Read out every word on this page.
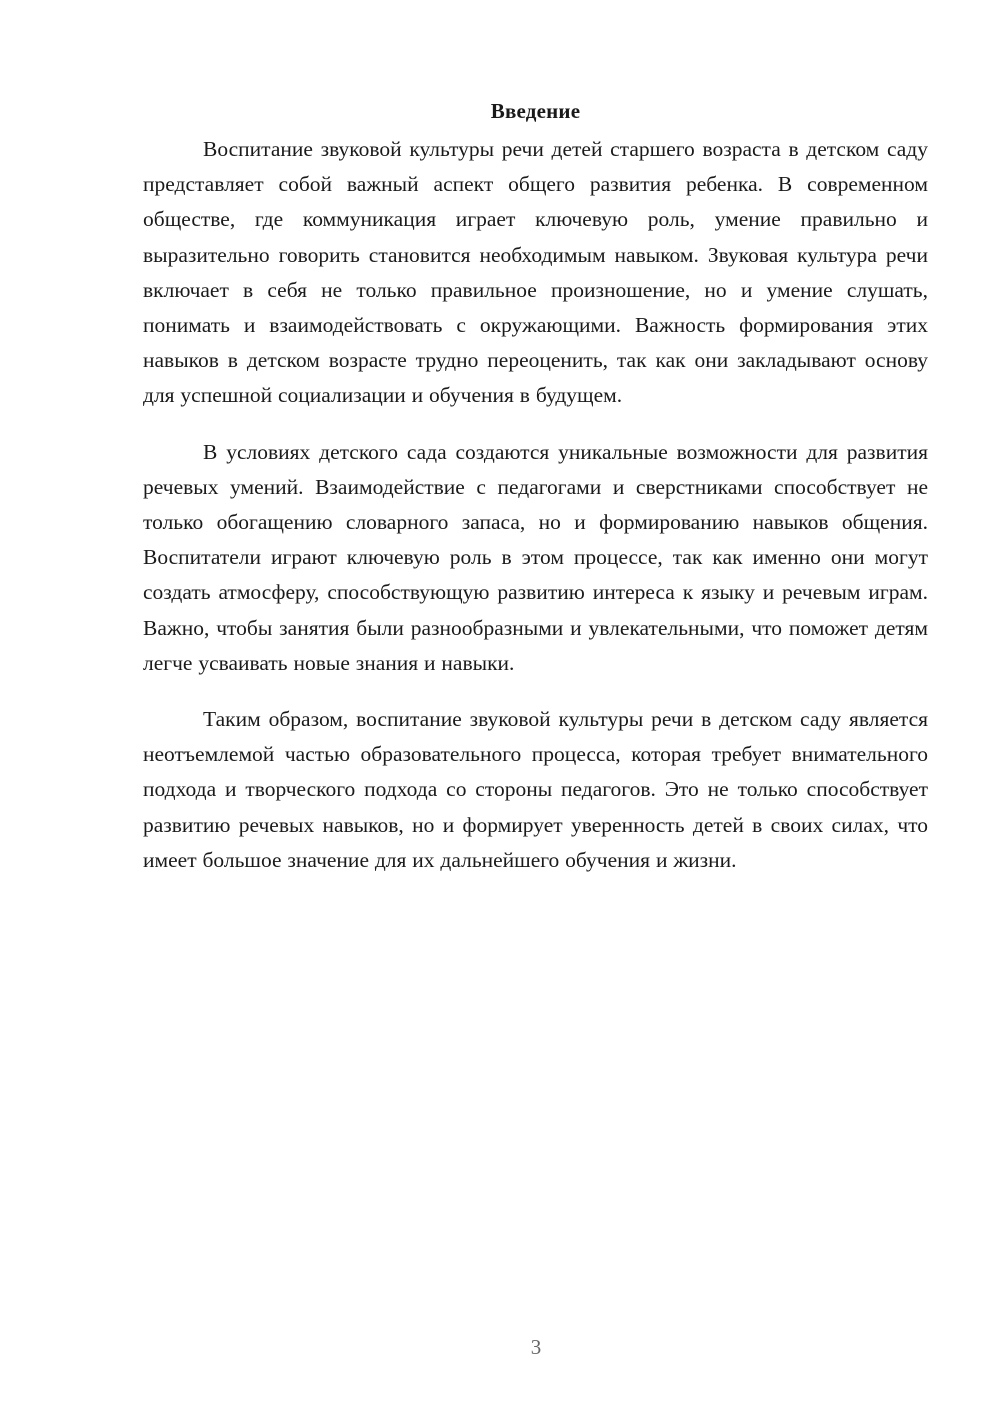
Введение

Воспитание звуковой культуры речи детей старшего возраста в детском саду представляет собой важный аспект общего развития ребенка. В современном обществе, где коммуникация играет ключевую роль, умение правильно и выразительно говорить становится необходимым навыком. Звуковая культура речи включает в себя не только правильное произношение, но и умение слушать, понимать и взаимодействовать с окружающими. Важность формирования этих навыков в детском возрасте трудно переоценить, так как они закладывают основу для успешной социализации и обучения в будущем.

В условиях детского сада создаются уникальные возможности для развития речевых умений. Взаимодействие с педагогами и сверстниками способствует не только обогащению словарного запаса, но и формированию навыков общения. Воспитатели играют ключевую роль в этом процессе, так как именно они могут создать атмосферу, способствующую развитию интереса к языку и речевым играм. Важно, чтобы занятия были разнообразными и увлекательными, что поможет детям легче усваивать новые знания и навыки.

Таким образом, воспитание звуковой культуры речи в детском саду является неотъемлемой частью образовательного процесса, которая требует внимательного подхода и творческого подхода со стороны педагогов. Это не только способствует развитию речевых навыков, но и формирует уверенность детей в своих силах, что имеет большое значение для их дальнейшего обучения и жизни.

3
